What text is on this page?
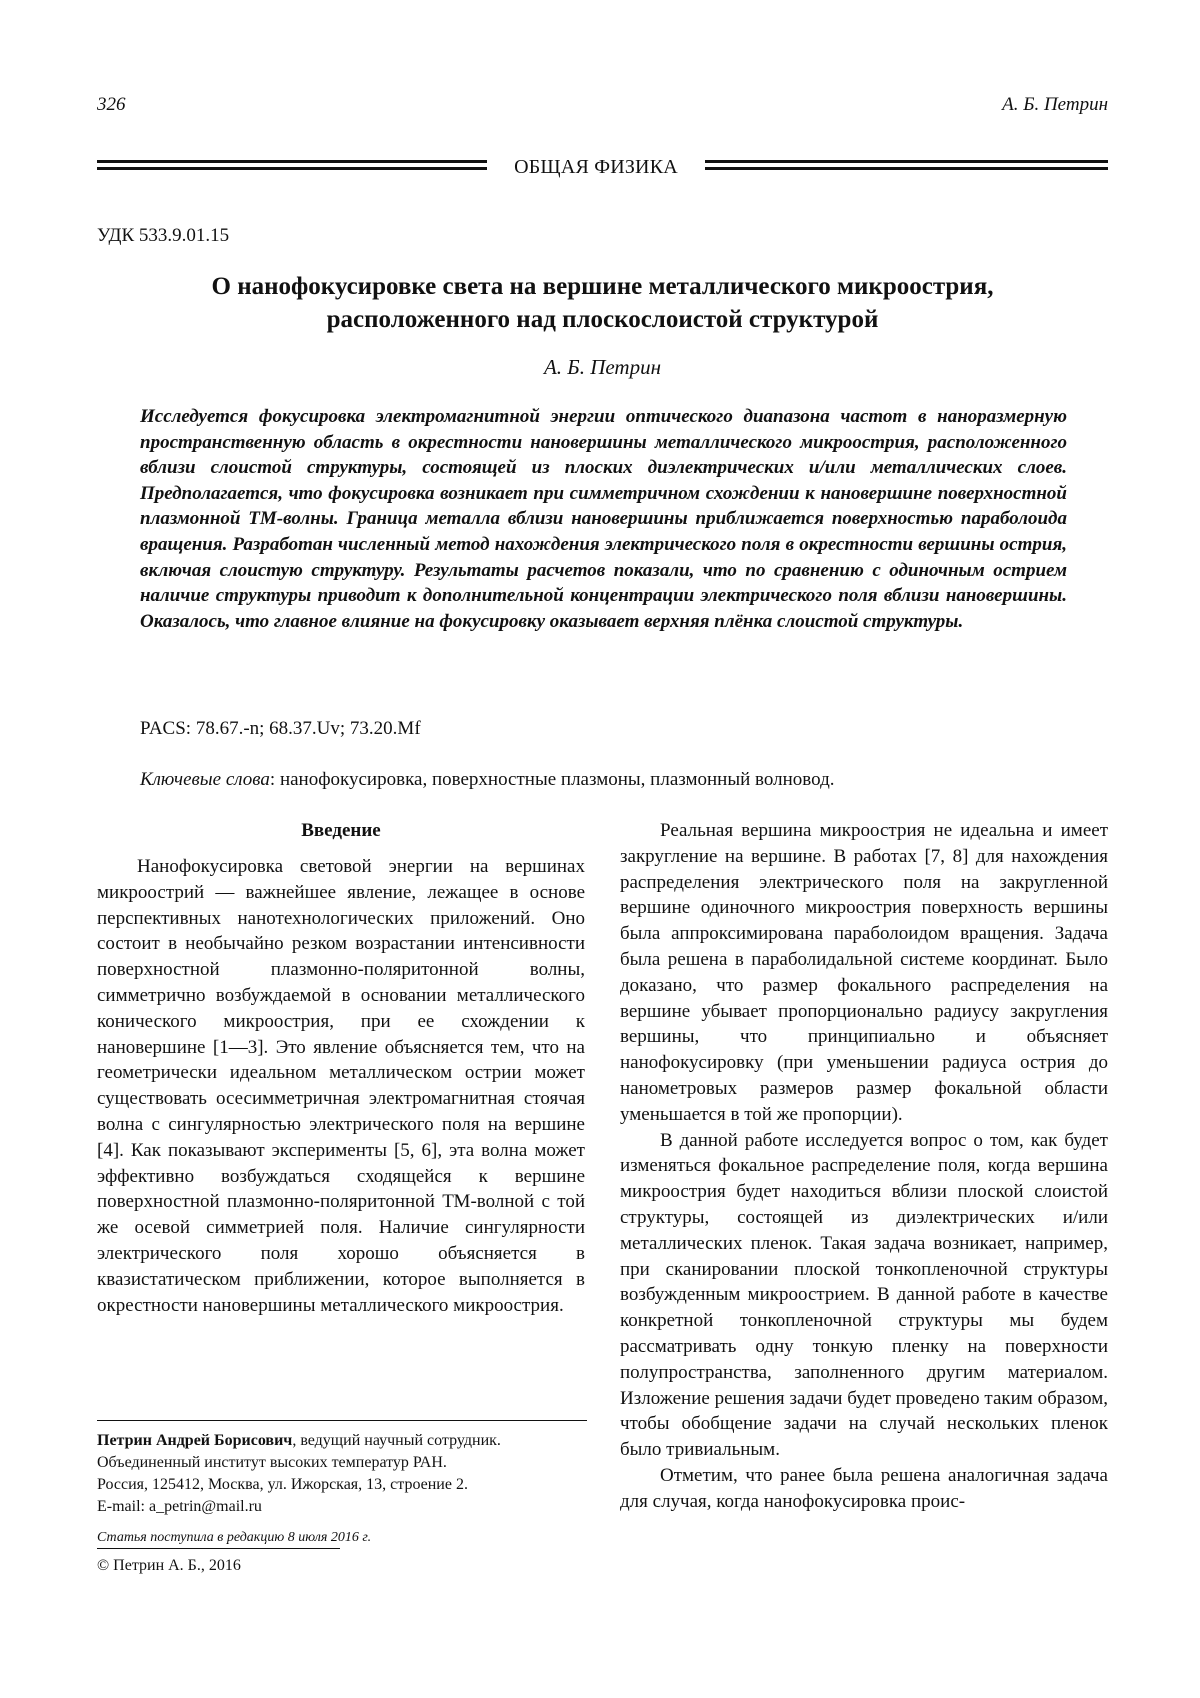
326	А. Б. Петрин
ОБЩАЯ ФИЗИКА
УДК 533.9.01.15
О нанофокусировке света на вершине металлического микроострия,
расположенного над плоскослоистой структурой
А. Б. Петрин
Исследуется фокусировка электромагнитной энергии оптического диапазона частот в наноразмерную пространственную область в окрестности нановершины металлического микроострия, расположенного вблизи слоистой структуры, состоящей из плоских диэлектрических и/или металлических слоев. Предполагается, что фокусировка возникает при симметричном схождении к нановершине поверхностной плазмонной ТМ-волны. Граница металла вблизи нановершины приближается поверхностью параболоида вращения. Разработан численный метод нахождения электрического поля в окрестности вершины острия, включая слоистую структуру. Результаты расчетов показали, что по сравнению с одиночным острием наличие структуры приводит к дополнительной концентрации электрического поля вблизи нановершины. Оказалось, что главное влияние на фокусировку оказывает верхняя плёнка слоистой структуры.
PACS: 78.67.-n; 68.37.Uv; 73.20.Mf
Ключевые слова: нанофокусировка, поверхностные плазмоны, плазмонный волновод.
Введение

Нанофокусировка световой энергии на вершинах микроострий — важнейшее явление, лежащее в основе перспективных нанотехнологических приложений. Оно состоит в необычайно резком возрастании интенсивности поверхностной плазмонно-поляритонной волны, симметрично возбуждаемой в основании металлического конического микроострия, при ее схождении к нановершине [1—3]. Это явление объясняется тем, что на геометрически идеальном металлическом острии может существовать осесимметричная электромагнитная стоячая волна с сингулярностью электрического поля на вершине [4]. Как показывают эксперименты [5, 6], эта волна может эффективно возбуждаться сходящейся к вершине поверхностной плазмонно-поляритонной ТМ-волной с той же осевой симметрией поля. Наличие сингулярности электрического поля хорошо объясняется в квазистатическом приближении, которое выполняется в окрестности нановершины металлического микроострия.

Реальная вершина микроострия не идеальна и имеет закругление на вершине. В работах [7, 8] для нахождения распределения электрического поля на закругленной вершине одиночного микроострия поверхность вершины была аппроксимирована параболоидом вращения. Задача была решена в параболидальной системе координат. Было доказано, что размер фокального распределения на вершине убывает пропорционально радиусу закругления вершины, что принципиально и объясняет нанофокусировку (при уменьшении радиуса острия до нанометровых размеров размер фокальной области уменьшается в той же пропорции).

В данной работе исследуется вопрос о том, как будет изменяться фокальное распределение поля, когда вершина микроострия будет находиться вблизи плоской слоистой структуры, состоящей из диэлектрических и/или металлических пленок. Такая задача возникает, например, при сканировании плоской тонкопленочной структуры возбужденным микроострием. В данной работе в качестве конкретной тонкопленочной структуры мы будем рассматривать одну тонкую пленку на поверхности полупространства, заполненного другим материалом. Изложение решения задачи будет проведено таким образом, чтобы обобщение задачи на случай нескольких пленок было тривиальным.

Отметим, что ранее была решена аналогичная задача для случая, когда нанофокусировка проис-

Петрин Андрей Борисович, ведущий научный сотрудник.
Объединенный институт высоких температур РАН.
Россия, 125412, Москва, ул. Ижорская, 13, строение 2.
E-mail: a_petrin@mail.ru
Статья поступила в редакцию 8 июля 2016 г.
© Петрин А. Б., 2016
